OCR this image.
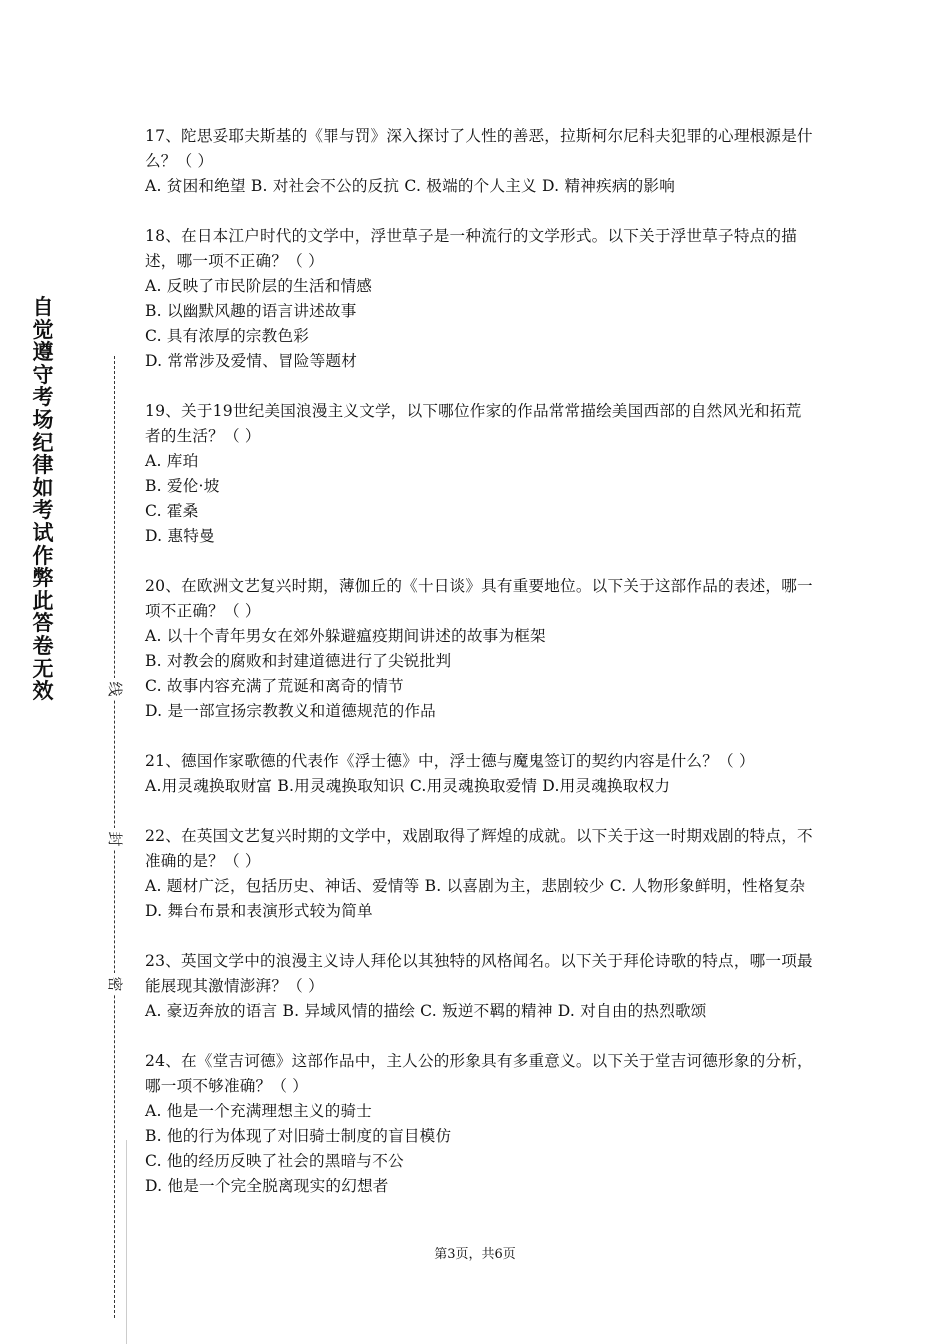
自觉遵守考场纪律如考试作弊此答卷无效	线
封
密

17、陀思妥耶夫斯基的《罪与罚》深入探讨了人性的善恶，拉斯柯尔尼科夫犯罪的心理根源是什么？（ ）

A. 贫困和绝望 B. 对社会不公的反抗 C. 极端的个人主义 D. 精神疾病的影响

18、在日本江户时代的文学中，浮世草子是一种流行的文学形式。以下关于浮世草子特点的描述，哪一项不正确？（ ）

A. 反映了市民阶层的生活和情感
B. 以幽默风趣的语言讲述故事
C. 具有浓厚的宗教色彩
D. 常常涉及爱情、冒险等题材

19、关于19世纪美国浪漫主义文学，以下哪位作家的作品常常描绘美国西部的自然风光和拓荒者的生活？（ ）

A. 库珀
B. 爱伦·坡
C. 霍桑
D. 惠特曼

20、在欧洲文艺复兴时期，薄伽丘的《十日谈》具有重要地位。以下关于这部作品的表述，哪一项不正确？（ ）

A. 以十个青年男女在郊外躲避瘟疫期间讲述的故事为框架
B. 对教会的腐败和封建道德进行了尖锐批判
C. 故事内容充满了荒诞和离奇的情节
D. 是一部宣扬宗教教义和道德规范的作品

21、德国作家歌德的代表作《浮士德》中，浮士德与魔鬼签订的契约内容是什么？（ ）

A.用灵魂换取财富 B.用灵魂换取知识 C.用灵魂换取爱情 D.用灵魂换取权力

22、在英国文艺复兴时期的文学中，戏剧取得了辉煌的成就。以下关于这一时期戏剧的特点，不准确的是？（ ）

A. 题材广泛，包括历史、神话、爱情等 B. 以喜剧为主，悲剧较少 C. 人物形象鲜明，性格复杂 D. 舞台布景和表演形式较为简单

23、英国文学中的浪漫主义诗人拜伦以其独特的风格闻名。以下关于拜伦诗歌的特点，哪一项最能展现其激情澎湃？（ ）

A. 豪迈奔放的语言 B. 异域风情的描绘 C. 叛逆不羁的精神 D. 对自由的热烈歌颂

24、在《堂吉诃德》这部作品中，主人公的形象具有多重意义。以下关于堂吉诃德形象的分析，哪一项不够准确？（ ）

A. 他是一个充满理想主义的骑士
B. 他的行为体现了对旧骑士制度的盲目模仿
C. 他的经历反映了社会的黑暗与不公
D. 他是一个完全脱离现实的幻想者
第3页，共6页
